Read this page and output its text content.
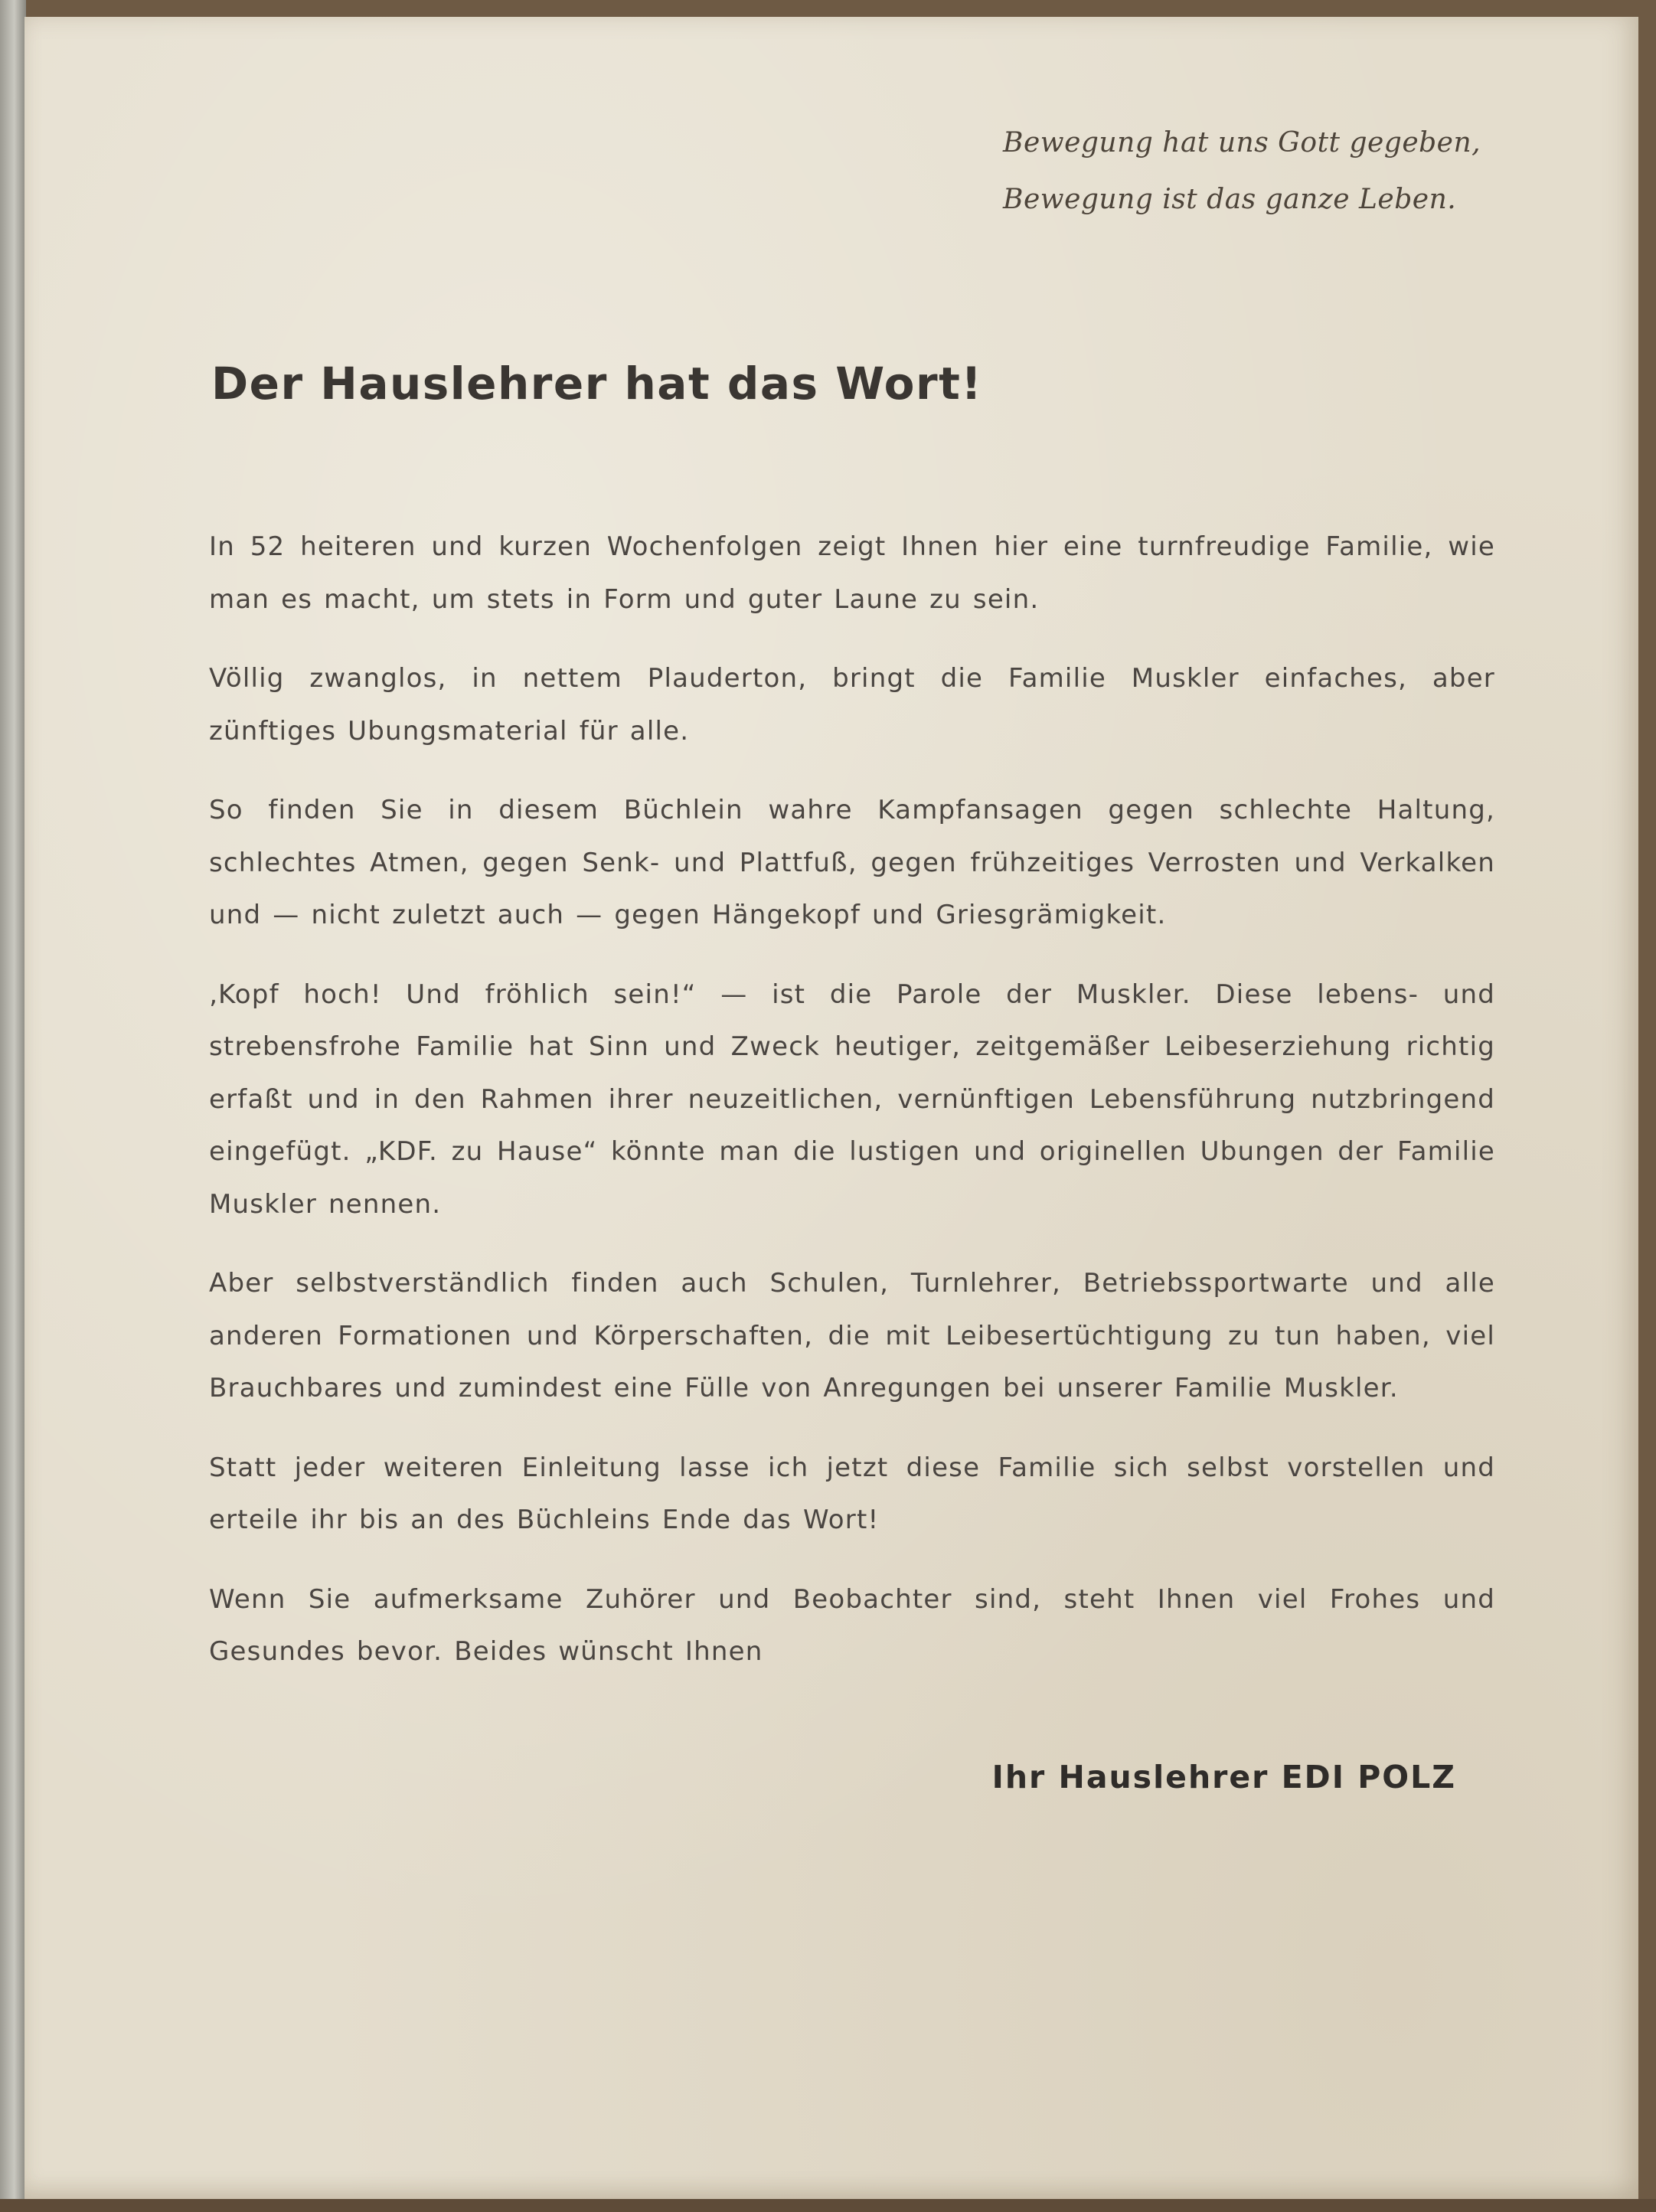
Bewegung hat uns Gott gegeben,
Bewegung ist das ganze Leben.
Der Hauslehrer hat das Wort!

In 52 heiteren und kurzen Wochenfolgen zeigt Ihnen hier eine turnfreudige Familie, wie man es macht, um stets in Form und guter Laune zu sein.

Völlig zwanglos, in nettem Plauderton, bringt die Familie Muskler einfaches, aber zünftiges Ubungsmaterial für alle.

So finden Sie in diesem Büchlein wahre Kampfansagen gegen schlechte Haltung, schlechtes Atmen, gegen Senk- und Plattfuß, gegen frühzeitiges Verrosten und Verkalken und — nicht zuletzt auch — gegen Hängekopf und Griesgrämigkeit.

‚Kopf hoch! Und fröhlich sein!“ — ist die Parole der Muskler. Diese lebens- und strebensfrohe Familie hat Sinn und Zweck heutiger, zeitgemäßer Leibeserziehung richtig erfaßt und in den Rahmen ihrer neuzeitlichen, vernünftigen Lebensführung nutzbringend eingefügt. „KDF. zu Hause“ könnte man die lustigen und originellen Ubungen der Familie Muskler nennen.

Aber selbstverständlich finden auch Schulen, Turnlehrer, Betriebssportwarte und alle anderen Formationen und Körperschaften, die mit Leibesertüchtigung zu tun haben, viel Brauchbares und zumindest eine Fülle von Anregungen bei unserer Familie Muskler.

Statt jeder weiteren Einleitung lasse ich jetzt diese Familie sich selbst vorstellen und erteile ihr bis an des Büchleins Ende das Wort!

Wenn Sie aufmerksame Zuhörer und Beobachter sind, steht Ihnen viel Frohes und Gesundes bevor. Beides wünscht Ihnen

Ihr Hauslehrer EDI POLZ
